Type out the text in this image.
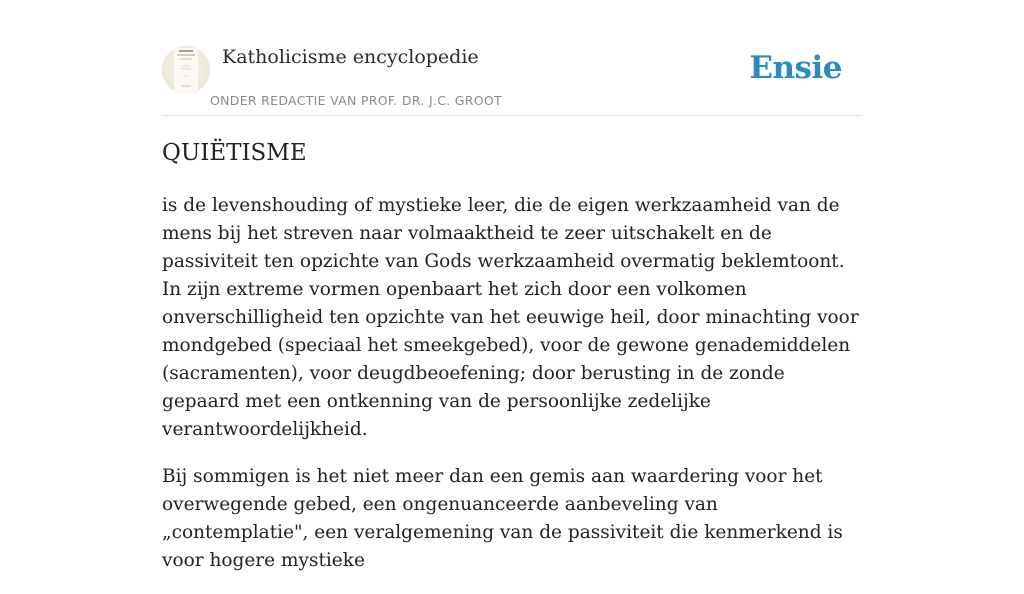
Katholicisme encyclopedie
ONDER REDACTIE VAN PROF. DR. J.C. GROOT
Ensie
QUIËTISME

is de levenshouding of mystieke leer, die de eigen werkzaamheid van de mens bij het streven naar volmaaktheid te zeer uitschakelt en de passiviteit ten opzichte van Gods werkzaamheid overmatig beklemtoont. In zijn extreme vormen openbaart het zich door een volkomen onverschilligheid ten opzichte van het eeuwige heil, door minachting voor mondgebed (speciaal het smeekgebed), voor de gewone genademiddelen (sacramenten), voor deugdbeoefening; door berusting in de zonde gepaard met een ontkenning van de persoonlijke zedelijke verantwoordelijkheid.

Bij sommigen is het niet meer dan een gemis aan waardering voor het overwegende gebed, een ongenuanceerde aanbeveling van „contemplatie", een veralgemening van de passiviteit die kenmerkend is voor hogere mystieke
